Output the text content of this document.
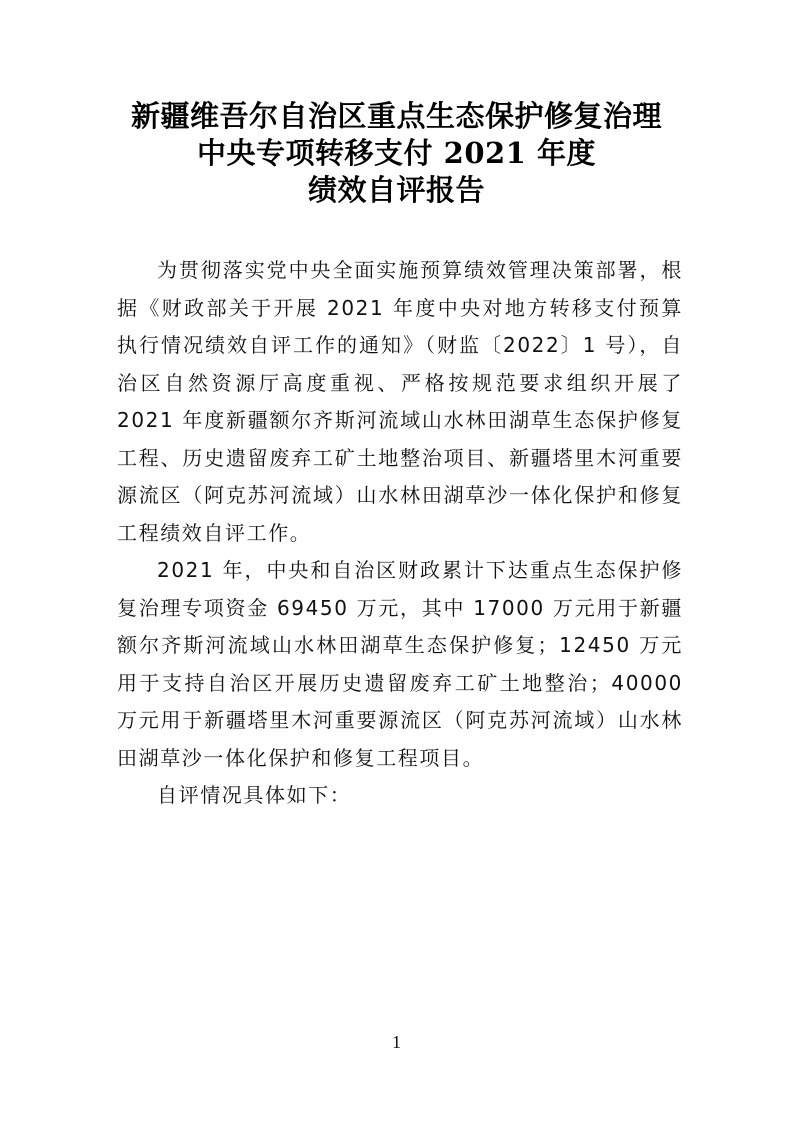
新疆维吾尔自治区重点生态保护修复治理
中央专项转移支付 2021 年度
绩效自评报告

为贯彻落实党中央全面实施预算绩效管理决策部署，根据《财政部关于开展 2021 年度中央对地方转移支付预算执行情况绩效自评工作的通知》（财监〔2022〕1 号），自治区自然资源厅高度重视、严格按规范要求组织开展了 2021 年度新疆额尔齐斯河流域山水林田湖草生态保护修复工程、历史遗留废弃工矿土地整治项目、新疆塔里木河重要源流区（阿克苏河流域）山水林田湖草沙一体化保护和修复工程绩效自评工作。

2021 年，中央和自治区财政累计下达重点生态保护修复治理专项资金 69450 万元，其中 17000 万元用于新疆额尔齐斯河流域山水林田湖草生态保护修复；12450 万元用于支持自治区开展历史遗留废弃工矿土地整治；40000 万元用于新疆塔里木河重要源流区（阿克苏河流域）山水林田湖草沙一体化保护和修复工程项目。

自评情况具体如下：

1
